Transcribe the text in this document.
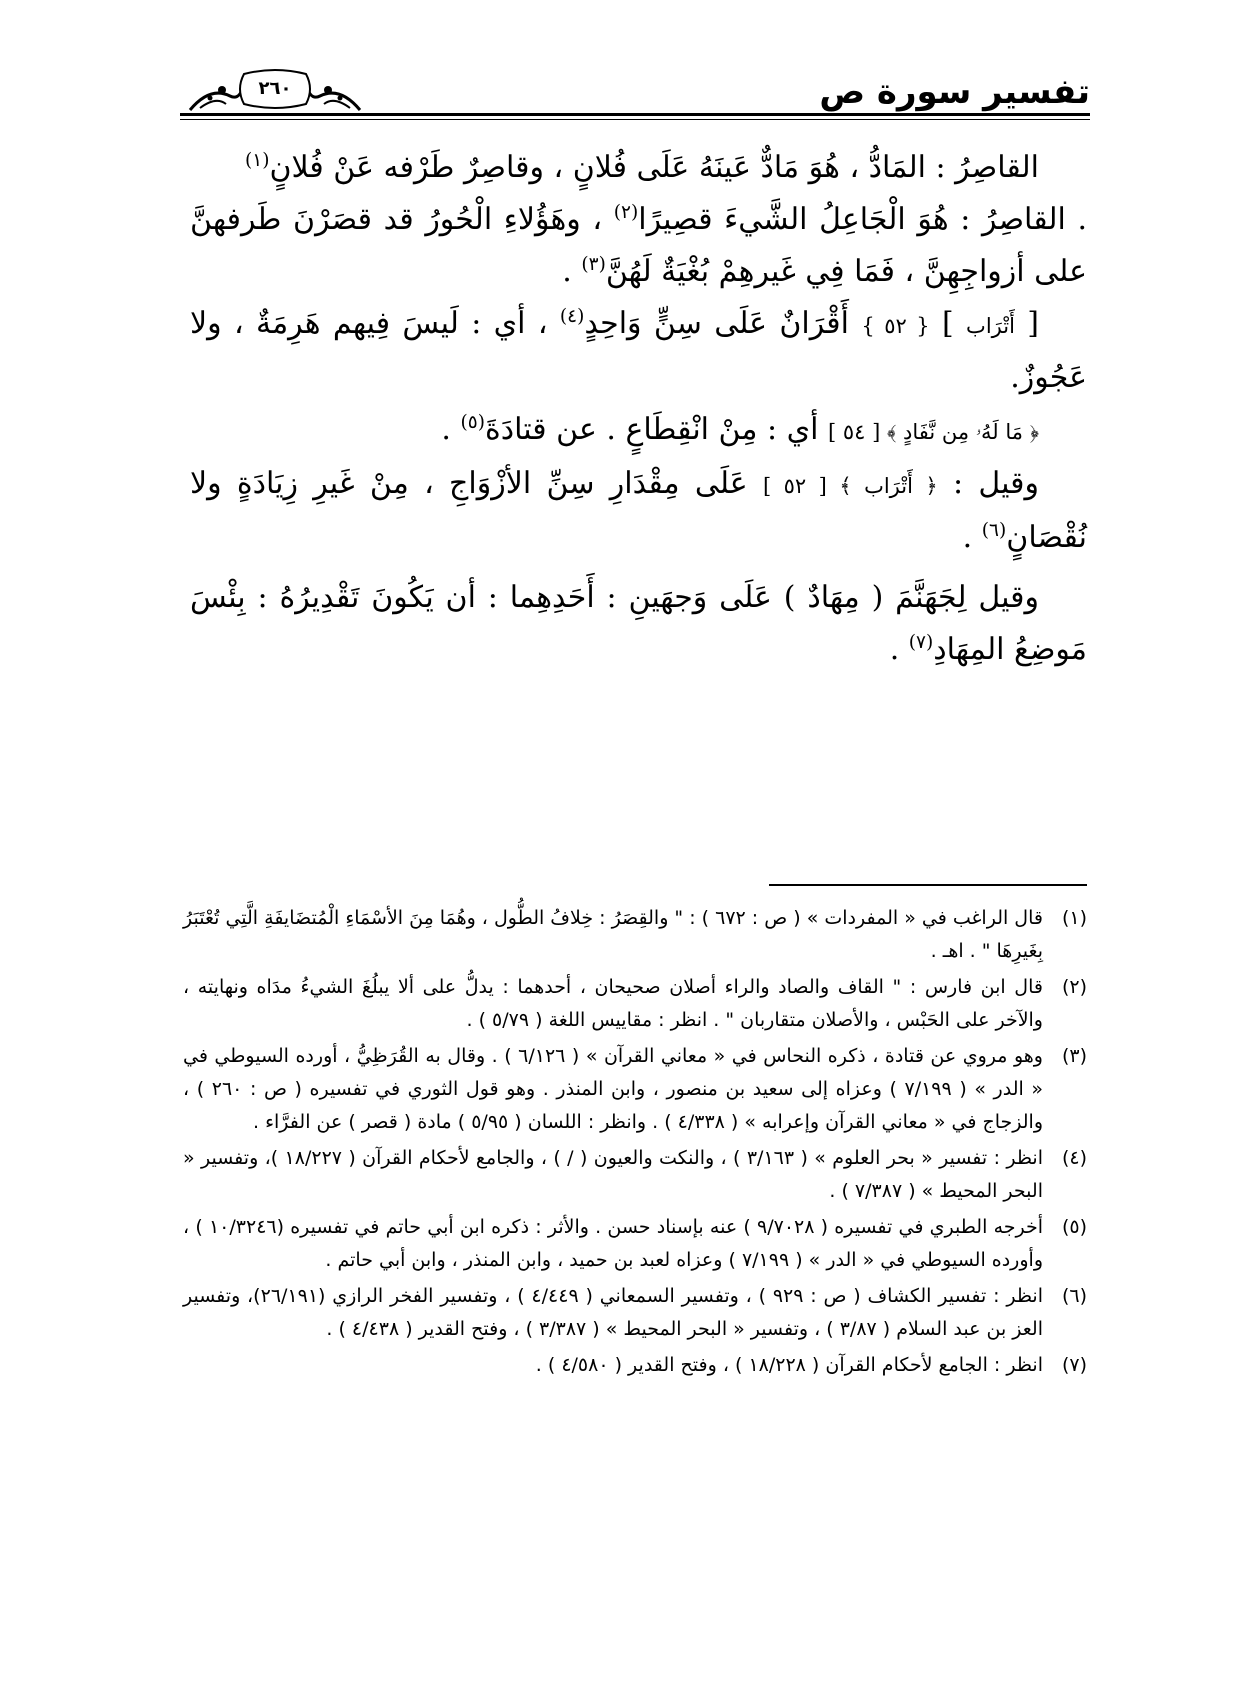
تفسير سورة ص
٢٦٠

القاصِرُ : المَادُّ ، هُوَ مَادٌّ عَينَهُ عَلَى فُلانٍ ، وقاصِرٌ طَرْفه عَنْ فُلانٍ$^{(١)}$

. القاصِرُ : هُوَ الْجَاعِلُ الشَّيءَ قصِيرًا$^{(٢)}$ ، وهَؤُلاءِ الْحُورُ قد قصَرْنَ طَرفهنَّ على أزواجِهِنَّ ، فَمَا فِي غَيرهِمْ بُغْيَةٌ لَهُنَّ$^{(٣)}$ .

[ أَتْرَاب ] { ٥٢ } أَقْرَانٌ عَلَى سِنٍّ وَاحِدٍ$^{(٤)}$ ، أي : لَيسَ فِيهم هَرِمَةٌ ، ولا عَجُوزٌ.

﴿ مَا لَهُۥ مِن نَّفَادٍ ﴾ [ ٥٤ ] أي : مِنْ انْقِطَاعٍ . عن قتادَةَ$^{(٥)}$ .

وقيل : ﴿ أَتْرَاب ﴾ [ ٥٢ ] عَلَى مِقْدَارِ سِنِّ الأزْوَاجِ ، مِنْ غَيرِ زِيَادَةٍ ولا نُقْصَانٍ$^{(٦)}$ .

وقيل لِجَهَنَّمَ ( مِهَادٌ ) عَلَى وَجهَينِ : أَحَدِهِما : أن يَكُونَ تَقْدِيرُهُ : بِئْسَ مَوضِعُ المِهَادِ$^{(٧)}$ .

(١)
قال الراغب في « المفردات » ( ص : ٦٧٢ ) : " والقِصَرُ : خِلافُ الطُّول ، وهُمَا مِنَ الأسْمَاءِ الْمُتضَايفَةِ الَّتِي تُعْتَبَرُ بِغَيرِهَا " . اهـ .
(٢)
قال ابن فارس : " القاف والصاد والراء أصلان صحيحان ، أحدهما : يدلُّ على ألا يبلُغَ الشيءُ مدَاه ونهايته ، والآخر على الحَبْس ، والأصلان متقاربان " . انظر : مقاييس اللغة ( ٥/٧٩ ) .
(٣)
وهو مروي عن قتادة ، ذكره النحاس في « معاني القرآن » ( ٦/١٢٦ ) . وقال به القُرَظِيُّ ، أورده السيوطي في « الدر » ( ٧/١٩٩ ) وعزاه إلى سعيد بن منصور ، وابن المنذر . وهو قول الثوري في تفسيره ( ص : ٢٦٠ ) ، والزجاج في « معاني القرآن وإعرابه » ( ٤/٣٣٨ ) . وانظر : اللسان ( ٥/٩٥ ) مادة ( قصر ) عن الفرَّاء .
(٤)
انظر : تفسير « بحر العلوم » ( ٣/١٦٣ ) ، والنكت والعيون ( / ) ، والجامع لأحكام القرآن ( ١٨/٢٢٧ )، وتفسير « البحر المحيط » ( ٧/٣٨٧ ) .
(٥)
أخرجه الطبري في تفسيره ( ٩/٧٠٢٨ ) عنه بإسناد حسن . والأثر : ذكره ابن أبي حاتم في تفسيره (١٠/٣٢٤٦ ) ، وأورده السيوطي في « الدر » ( ٧/١٩٩ ) وعزاه لعبد بن حميد ، وابن المنذر ، وابن أبي حاتم .
(٦)
انظر : تفسير الكشاف ( ص : ٩٢٩ ) ، وتفسير السمعاني ( ٤/٤٤٩ ) ، وتفسير الفخر الرازي (٢٦/١٩١)، وتفسير العز بن عبد السلام ( ٣/٨٧ ) ، وتفسير « البحر المحيط » ( ٣/٣٨٧ ) ، وفتح القدير ( ٤/٤٣٨ ) .
(٧)
انظر : الجامع لأحكام القرآن ( ١٨/٢٢٨ ) ، وفتح القدير ( ٤/٥٨٠ ) .
